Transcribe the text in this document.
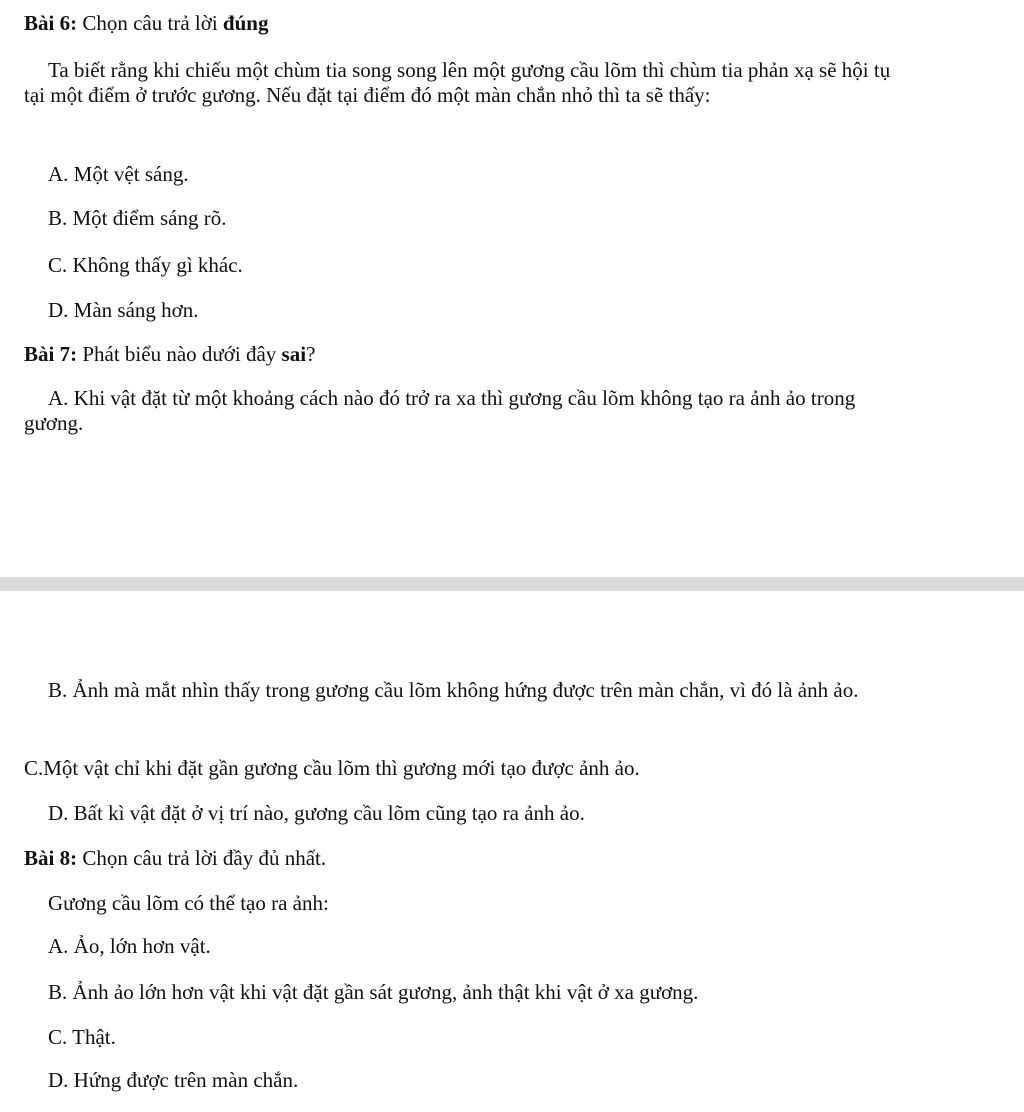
Bài 6: Chọn câu trả lời đúng
Ta biết rằng khi chiếu một chùm tia song song lên một gương cầu lõm thì chùm tia phản xạ sẽ hội tụ tại một điểm ở trước gương. Nếu đặt tại điểm đó một màn chắn nhỏ thì ta sẽ thấy:
A. Một vệt sáng.
B. Một điểm sáng rõ.
C. Không thấy gì khác.
D. Màn sáng hơn.
Bài 7: Phát biểu nào dưới đây sai?
A. Khi vật đặt từ một khoảng cách nào đó trở ra xa thì gương cầu lõm không tạo ra ảnh ảo trong gương.
B. Ảnh mà mắt nhìn thấy trong gương cầu lõm không hứng được trên màn chắn, vì đó là ảnh ảo.
C.Một vật chỉ khi đặt gần gương cầu lõm thì gương mới tạo được ảnh ảo.
D. Bất kì vật đặt ở vị trí nào, gương cầu lõm cũng tạo ra ảnh ảo.
Bài 8: Chọn câu trả lời đầy đủ nhất.
Gương cầu lõm có thể tạo ra ảnh:
A. Ảo, lớn hơn vật.
B. Ảnh ảo lớn hơn vật khi vật đặt gần sát gương, ảnh thật khi vật ở xa gương.
C. Thật.
D. Hứng được trên màn chắn.
